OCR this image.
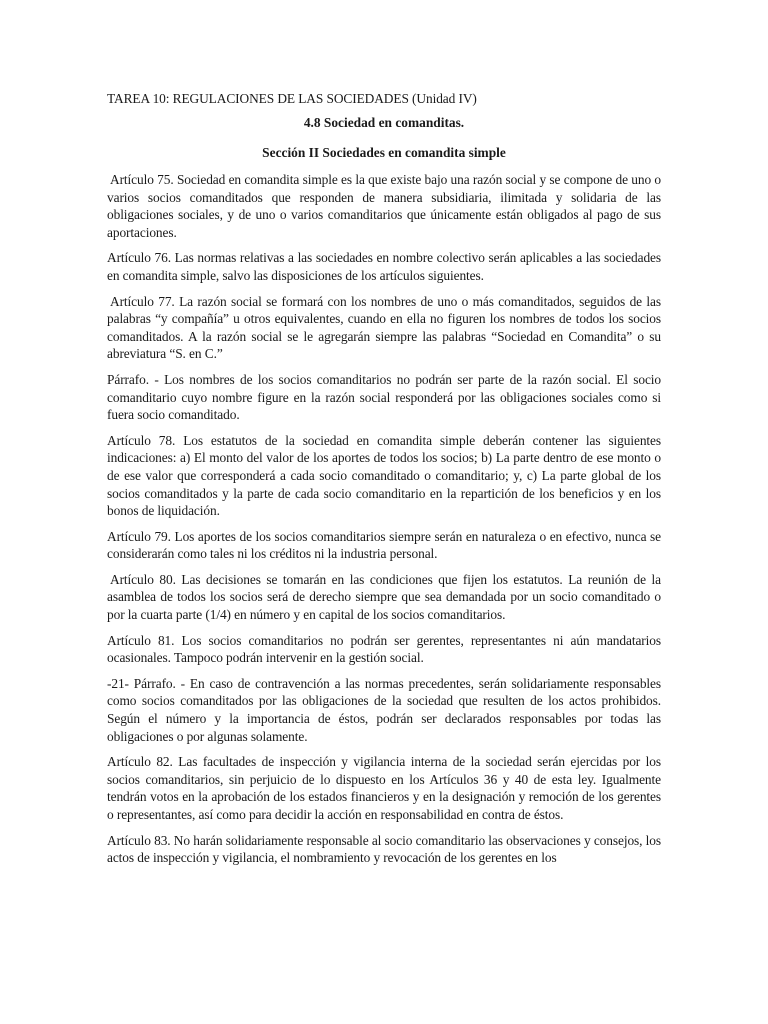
TAREA 10: REGULACIONES DE LAS SOCIEDADES (Unidad IV)
4.8 Sociedad en comanditas.
Sección II Sociedades en comandita simple

Artículo 75. Sociedad en comandita simple es la que existe bajo una razón social y se compone de uno o varios socios comanditados que responden de manera subsidiaria, ilimitada y solidaria de las obligaciones sociales, y de uno o varios comanditarios que únicamente están obligados al pago de sus aportaciones.

Artículo 76. Las normas relativas a las sociedades en nombre colectivo serán aplicables a las sociedades en comandita simple, salvo las disposiciones de los artículos siguientes.

Artículo 77. La razón social se formará con los nombres de uno o más comanditados, seguidos de las palabras “y compañía” u otros equivalentes, cuando en ella no figuren los nombres de todos los socios comanditados. A la razón social se le agregarán siempre las palabras “Sociedad en Comandita” o su abreviatura “S. en C.”

Párrafo. - Los nombres de los socios comanditarios no podrán ser parte de la razón social. El socio comanditario cuyo nombre figure en la razón social responderá por las obligaciones sociales como si fuera socio comanditado.

Artículo 78. Los estatutos de la sociedad en comandita simple deberán contener las siguientes indicaciones: a) El monto del valor de los aportes de todos los socios; b) La parte dentro de ese monto o de ese valor que corresponderá a cada socio comanditado o comanditario; y, c) La parte global de los socios comanditados y la parte de cada socio comanditario en la repartición de los beneficios y en los bonos de liquidación.

Artículo 79. Los aportes de los socios comanditarios siempre serán en naturaleza o en efectivo, nunca se considerarán como tales ni los créditos ni la industria personal.

Artículo 80. Las decisiones se tomarán en las condiciones que fijen los estatutos. La reunión de la asamblea de todos los socios será de derecho siempre que sea demandada por un socio comanditado o por la cuarta parte (1/4) en número y en capital de los socios comanditarios.

Artículo 81. Los socios comanditarios no podrán ser gerentes, representantes ni aún mandatarios ocasionales. Tampoco podrán intervenir en la gestión social.

-21- Párrafo. - En caso de contravención a las normas precedentes, serán solidariamente responsables como socios comanditados por las obligaciones de la sociedad que resulten de los actos prohibidos. Según el número y la importancia de éstos, podrán ser declarados responsables por todas las obligaciones o por algunas solamente.

Artículo 82. Las facultades de inspección y vigilancia interna de la sociedad serán ejercidas por los socios comanditarios, sin perjuicio de lo dispuesto en los Artículos 36 y 40 de esta ley. Igualmente tendrán votos en la aprobación de los estados financieros y en la designación y remoción de los gerentes o representantes, así como para decidir la acción en responsabilidad en contra de éstos.

Artículo 83. No harán solidariamente responsable al socio comanditario las observaciones y consejos, los actos de inspección y vigilancia, el nombramiento y revocación de los gerentes en los
